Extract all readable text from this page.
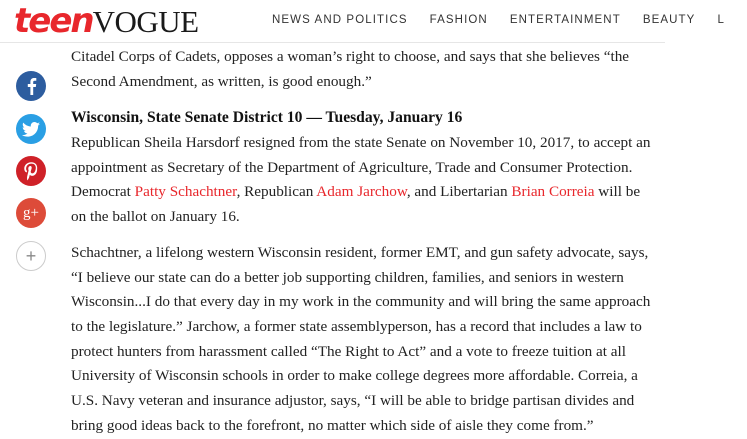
teenVOGUE	NEWS AND POLITICS FASHION ENTERTAINMENT BEAUTY L
g+
+
Citadel Corps of Cadets, opposes a woman’s right to choose, and says that she believes “the
Second Amendment, as written, is good enough.”
Wisconsin, State Senate District 10 — Tuesday, January 16
Republican Sheila Harsdorf resigned from the state Senate on November 10, 2017, to accept an
appointment as Secretary of the Department of Agriculture, Trade and Consumer Protection.
Democrat Patty Schachtner, Republican Adam Jarchow, and Libertarian Brian Correia will be
on the ballot on January 16.
Schachtner, a lifelong western Wisconsin resident, former EMT, and gun safety advocate, says,
“I believe our state can do a better job supporting children, families, and seniors in western
Wisconsin...I do that every day in my work in the community and will bring the same approach
to the legislature.” Jarchow, a former state assemblyperson, has a record that includes a law to
protect hunters from harassment called “The Right to Act” and a vote to freeze tuition at all
University of Wisconsin schools in order to make college degrees more affordable. Correia, a
U.S. Navy veteran and insurance adjustor, says, “I will be able to bridge partisan divides and
bring good ideas back to the forefront, no matter which side of aisle they come from.”
